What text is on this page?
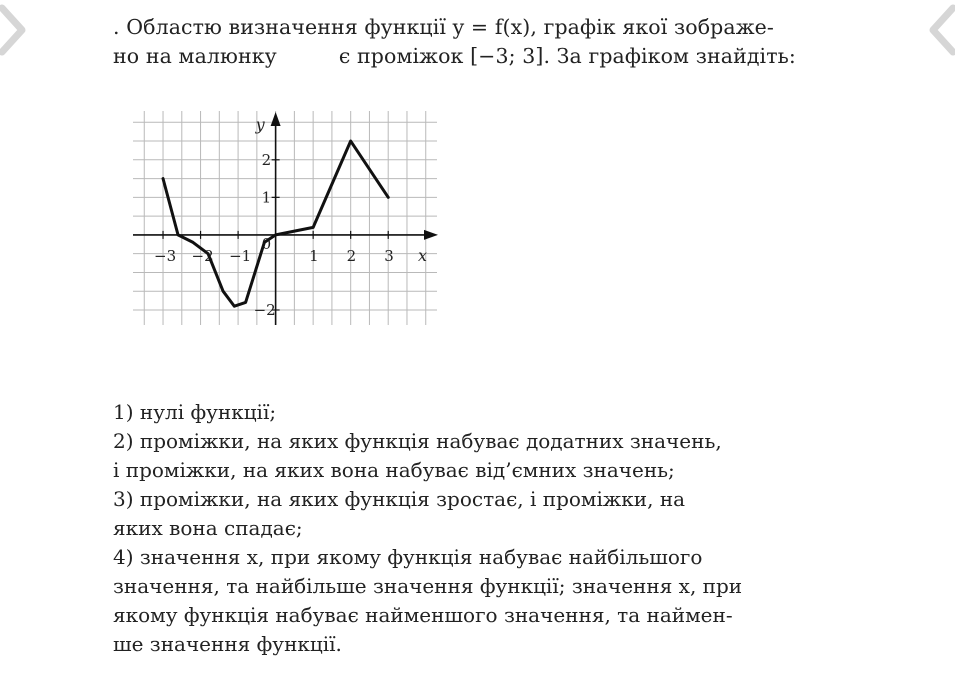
. Областю визначення функції y = f(x), графік якої зображе-
но на малюнку	є проміжок [−3; 3]. За графіком знайдіть:
−3 −2 −1	1 2 3
2
1
−2
0
x
y
1) нулі функції;
2) проміжки, на яких функція набуває додатних значень,
і проміжки, на яких вона набуває від’ємних значень;
3) проміжки, на яких функція зростає, і проміжки, на
яких вона спадає;
4) значення x, при якому функція набуває найбільшого
значення, та найбільше значення функції; значення x, при
якому функція набуває найменшого значення, та наймен-
ше значення функції.
